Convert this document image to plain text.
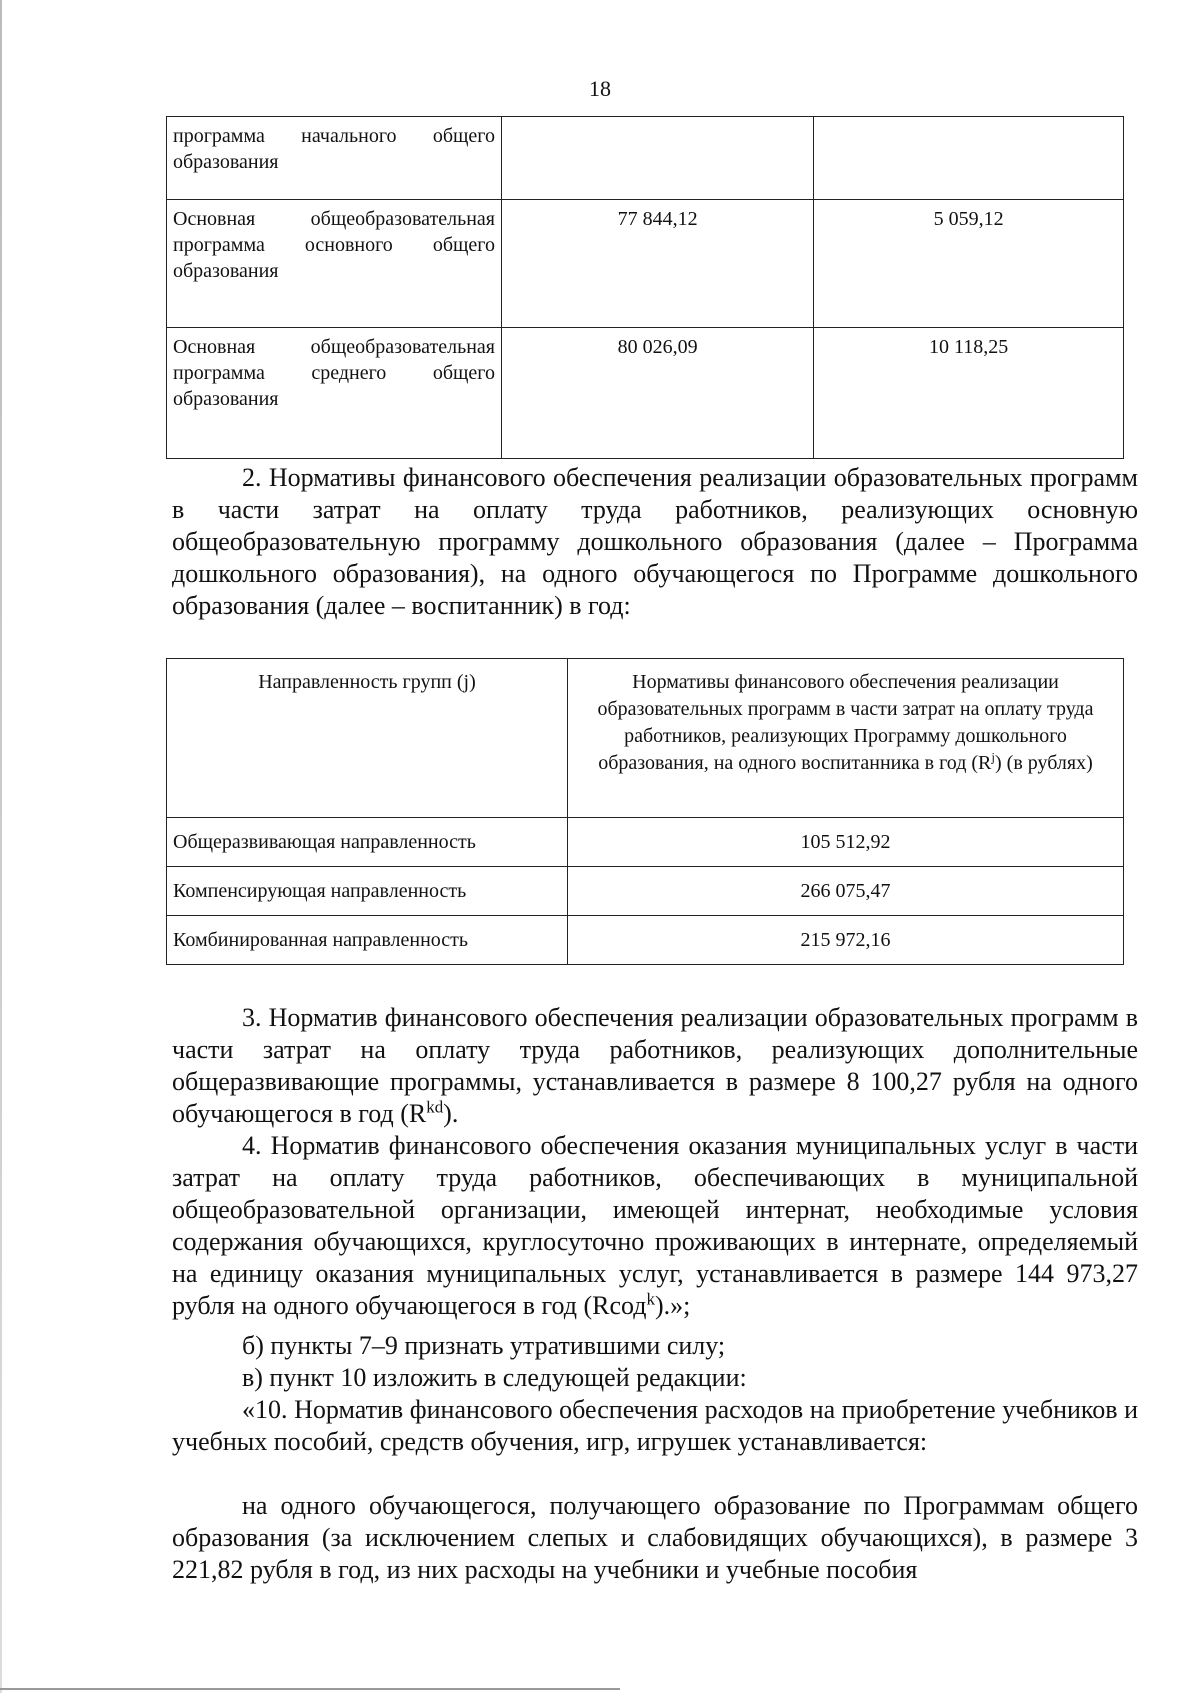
18
программа начального общего образования		
Основная общеобразовательная программа основного общего образования	77 844,12	5 059,12
Основная общеобразовательная программа среднего общего образования	80 026,09	10 118,25
2. Нормативы финансового обеспечения реализации образовательных программ в части затрат на оплату труда работников, реализующих основную общеобразовательную программу дошкольного образования (далее – Программа дошкольного образования), на одного обучающегося по Программе дошкольного образования (далее – воспитанник) в год:
Направленность групп (j)	Нормативы финансового обеспечения реализации образовательных программ в части затрат на оплату труда работников, реализующих Программу дошкольного образования, на одного воспитанника в год $(R^j)$ (в рублях)
Общеразвивающая направленность	105 512,92
Компенсирующая направленность	266 075,47
Комбинированная направленность	215 972,16
3. Норматив финансового обеспечения реализации образовательных программ в части затрат на оплату труда работников, реализующих дополнительные общеразвивающие программы, устанавливается в размере 8 100,27 рубля на одного обучающегося в год $(R^{kd})$.
4. Норматив финансового обеспечения оказания муниципальных услуг в части затрат на оплату труда работников, обеспечивающих в муниципальной общеобразовательной организации, имеющей интернат, необходимые условия содержания обучающихся, круглосуточно проживающих в интернате, определяемый на единицу оказания муниципальных услуг, устанавливается в размере 144 973,27 рубля на одного обучающегося в год (Rсод$^k$).»;
б) пункты 7–9 признать утратившими силу;
в) пункт 10 изложить в следующей редакции:
«10. Норматив финансового обеспечения расходов на приобретение учебников и учебных пособий, средств обучения, игр, игрушек устанавливается:
на одного обучающегося, получающего образование по Программам общего образования (за исключением слепых и слабовидящих обучающихся), в размере 3 221,82 рубля в год, из них расходы на учебники и учебные пособия
